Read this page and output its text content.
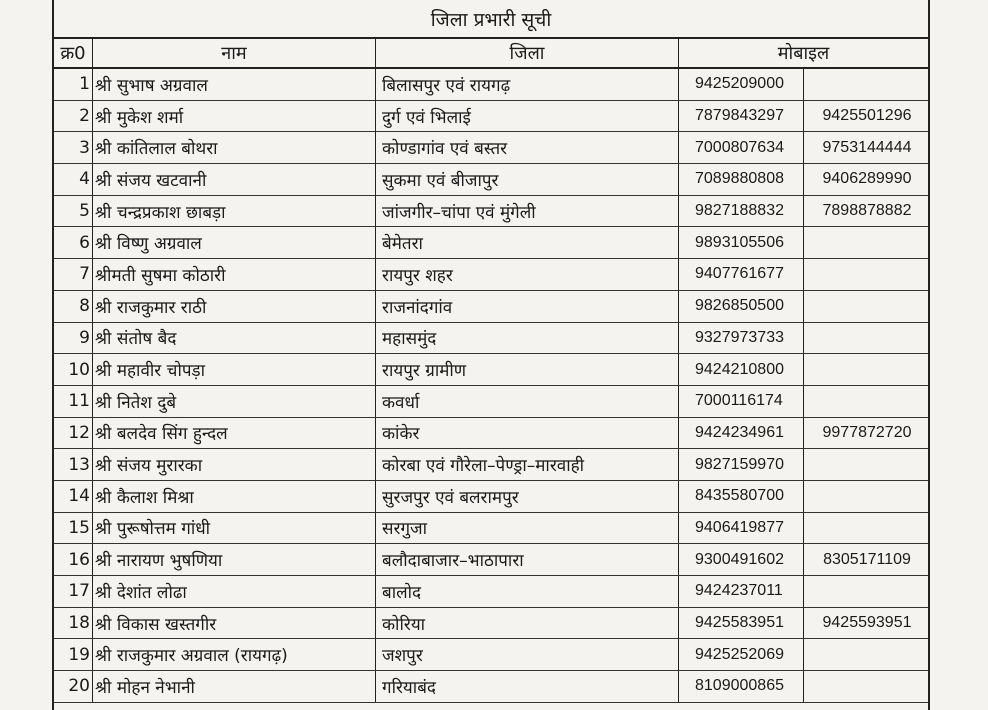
जिला प्रभारी सूची
क्र0	नाम	जिला	मोबाइल
1 श्री सुभाष अग्रवाल	बिलासपुर एवं रायगढ़	9425209000
2 श्री मुकेश शर्मा	दुर्ग एवं भिलाई	7879843297	9425501296
3 श्री कांतिलाल बोथरा	कोण्डागांव एवं बस्तर	7000807634	9753144444
4 श्री संजय खटवानी	सुकमा एवं बीजापुर	7089880808	9406289990
5 श्री चन्द्रप्रकाश छाबड़ा	जांजगीर–चांपा एवं मुंगेली	9827188832	7898878882
6 श्री विष्णु अग्रवाल	बेमेतरा	9893105506
7 श्रीमती सुषमा कोठारी	रायपुर शहर	9407761677
8 श्री राजकुमार राठी	राजनांदगांव	9826850500
9 श्री संतोष बैद	महासमुंद	9327973733
10 श्री महावीर चोपड़ा	रायपुर ग्रामीण	9424210800
11 श्री नितेश दुबे	कवर्धा	7000116174
12 श्री बलदेव सिंग हुन्दल	कांकेर	9424234961	9977872720
13 श्री संजय मुरारका	कोरबा एवं गौरेला–पेण्ड्रा–मारवाही	9827159970
14 श्री कैलाश मिश्रा	सुरजपुर एवं बलरामपुर	8435580700
15 श्री पुरूषोत्तम गांधी	सरगुजा	9406419877
16 श्री नारायण भुषणिया	बलौदाबाजार–भाठापारा	9300491602	8305171109
17 श्री देशांत लोढा	बालोद	9424237011
18 श्री विकास खस्तगीर	कोरिया	9425583951	9425593951
19 श्री राजकुमार अग्रवाल (रायगढ़)	जशपुर	9425252069
20 श्री मोहन नेभानी	गरियाबंद	8109000865
